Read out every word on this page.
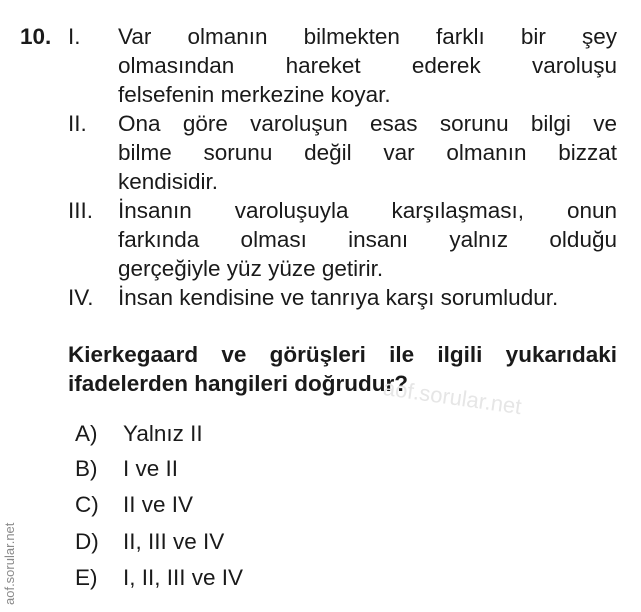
10. I. Var olmanın bilmekten farklı bir şey
olmasından hareket ederek varoluşu
felsefenin merkezine koyar.
II. Ona göre varoluşun esas sorunu bilgi ve
bilme sorunu değil var olmanın bizzat
kendisidir.
III. İnsanın varoluşuyla karşılaşması, onun
farkında olması insanı yalnız olduğu
gerçeğiyle yüz yüze getirir.
IV. İnsan kendisine ve tanrıya karşı sorumludur.
Kierkegaard ve görüşleri ile ilgili yukarıdaki
ifadelerden hangileri doğrudur?
aof.sorular.net
A) Yalnız II
B) I ve II
C) II ve IV
D) II, III ve IV
E) I, II, III ve IV
aof.sorular.net
